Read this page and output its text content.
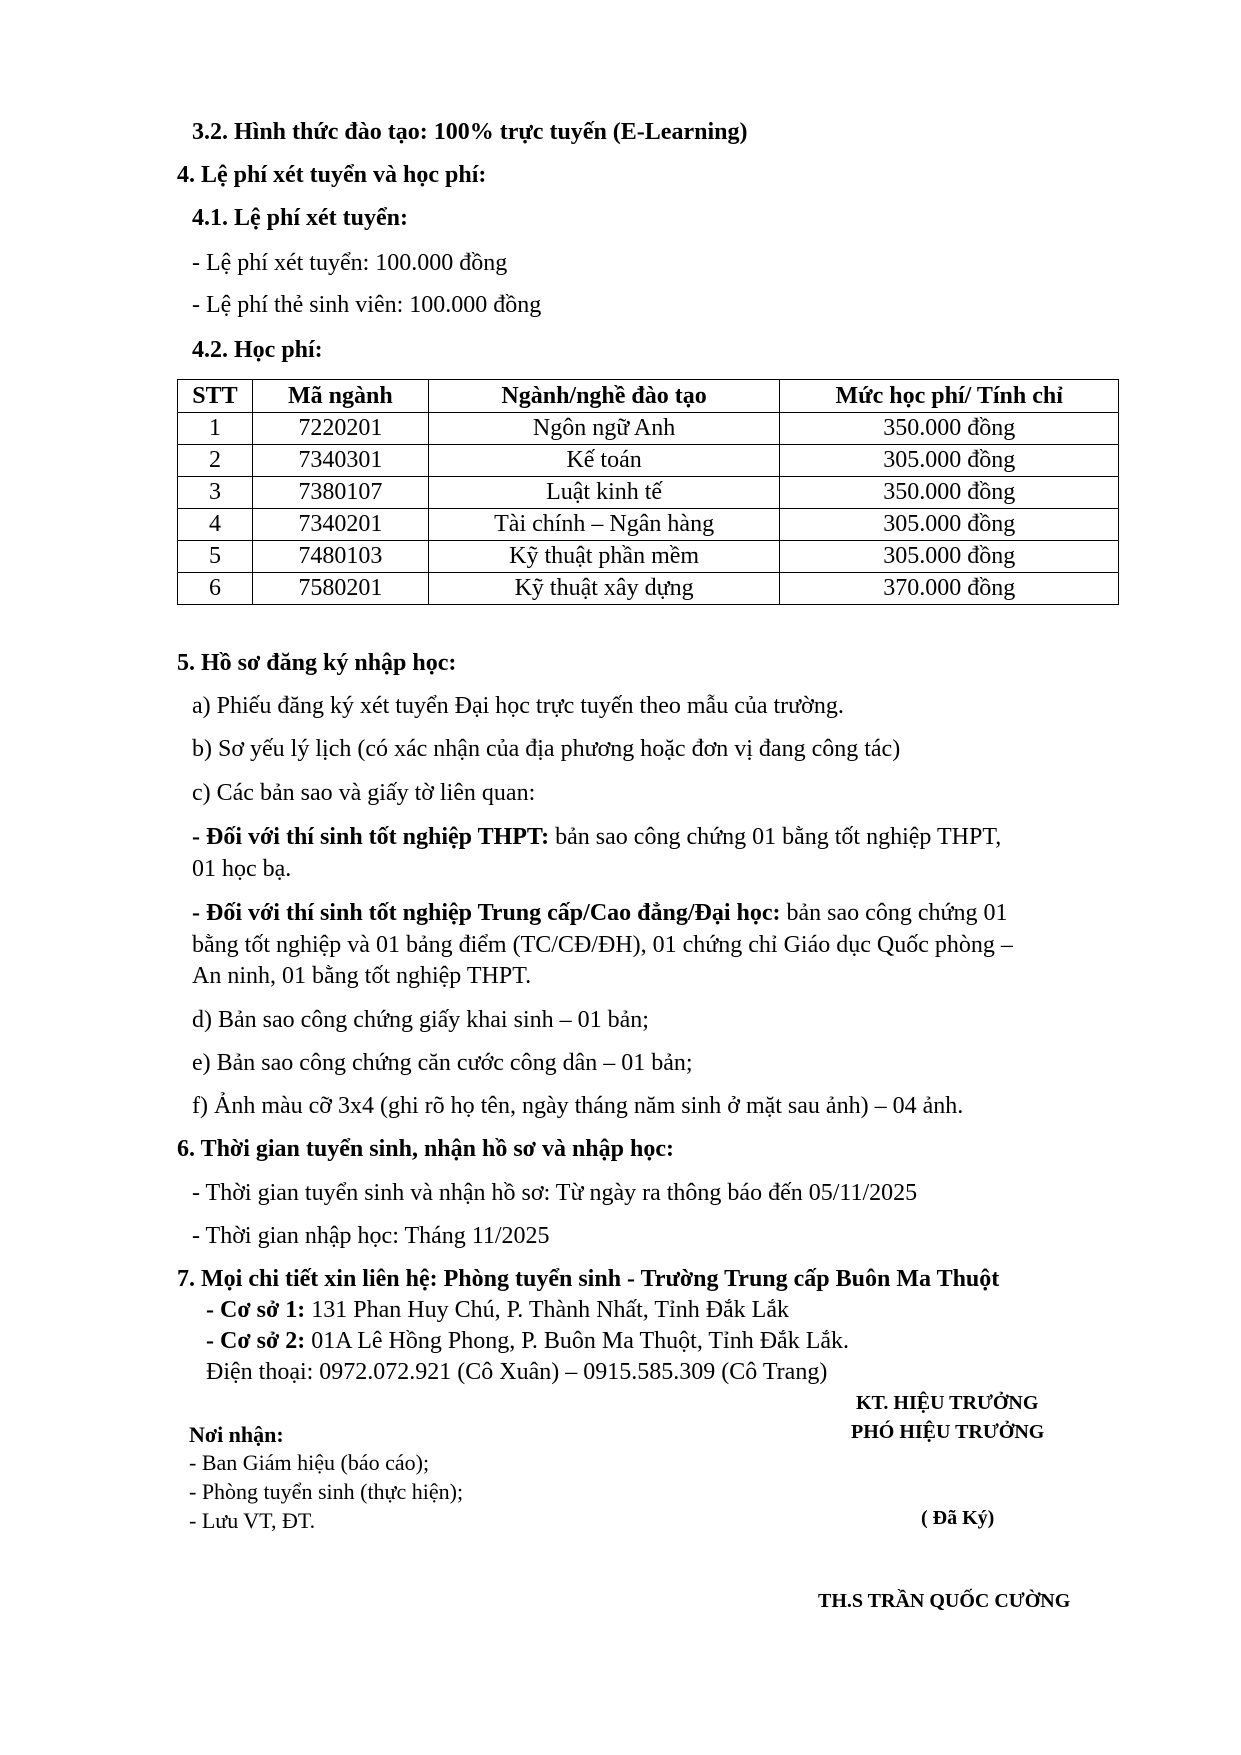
3.2. Hình thức đào tạo: 100% trực tuyến (E-Learning)
4. Lệ phí xét tuyển và học phí:
4.1. Lệ phí xét tuyển:
- Lệ phí xét tuyển: 100.000 đồng
- Lệ phí thẻ sinh viên: 100.000 đồng
4.2. Học phí:
STT	Mã ngành	Ngành/nghề đào tạo	Mức học phí/ Tính chỉ
1	7220201	Ngôn ngữ Anh	350.000 đồng
2	7340301	Kế toán	305.000 đồng
3	7380107	Luật kinh tế	350.000 đồng
4	7340201	Tài chính – Ngân hàng	305.000 đồng
5	7480103	Kỹ thuật phần mềm	305.000 đồng
6	7580201	Kỹ thuật xây dựng	370.000 đồng
5. Hồ sơ đăng ký nhập học:
a) Phiếu đăng ký xét tuyển Đại học trực tuyến theo mẫu của trường.
b) Sơ yếu lý lịch (có xác nhận của địa phương hoặc đơn vị đang công tác)
c) Các bản sao và giấy tờ liên quan:
- Đối với thí sinh tốt nghiệp THPT: bản sao công chứng 01 bằng tốt nghiệp THPT,
01 học bạ.
- Đối với thí sinh tốt nghiệp Trung cấp/Cao đẳng/Đại học: bản sao công chứng 01
bằng tốt nghiệp và 01 bảng điểm (TC/CĐ/ĐH), 01 chứng chỉ Giáo dục Quốc phòng –
An ninh, 01 bằng tốt nghiệp THPT.
d) Bản sao công chứng giấy khai sinh – 01 bản;
e) Bản sao công chứng căn cước công dân – 01 bản;
f) Ảnh màu cỡ 3x4 (ghi rõ họ tên, ngày tháng năm sinh ở mặt sau ảnh) – 04 ảnh.
6. Thời gian tuyển sinh, nhận hồ sơ và nhập học:
- Thời gian tuyển sinh và nhận hồ sơ: Từ ngày ra thông báo đến 05/11/2025
- Thời gian nhập học: Tháng 11/2025
7. Mọi chi tiết xin liên hệ: Phòng tuyển sinh - Trường Trung cấp Buôn Ma Thuột
- Cơ sở 1: 131 Phan Huy Chú, P. Thành Nhất, Tỉnh Đắk Lắk
- Cơ sở 2: 01A Lê Hồng Phong, P. Buôn Ma Thuột, Tỉnh Đắk Lắk.
Điện thoại: 0972.072.921 (Cô Xuân) – 0915.585.309 (Cô Trang)
KT. HIỆU TRƯỞNG
PHÓ HIỆU TRƯỞNG
( Đã Ký)
TH.S TRẦN QUỐC CƯỜNG
Nơi nhận:
- Ban Giám hiệu (báo cáo);
- Phòng tuyển sinh (thực hiện);
- Lưu VT, ĐT.
